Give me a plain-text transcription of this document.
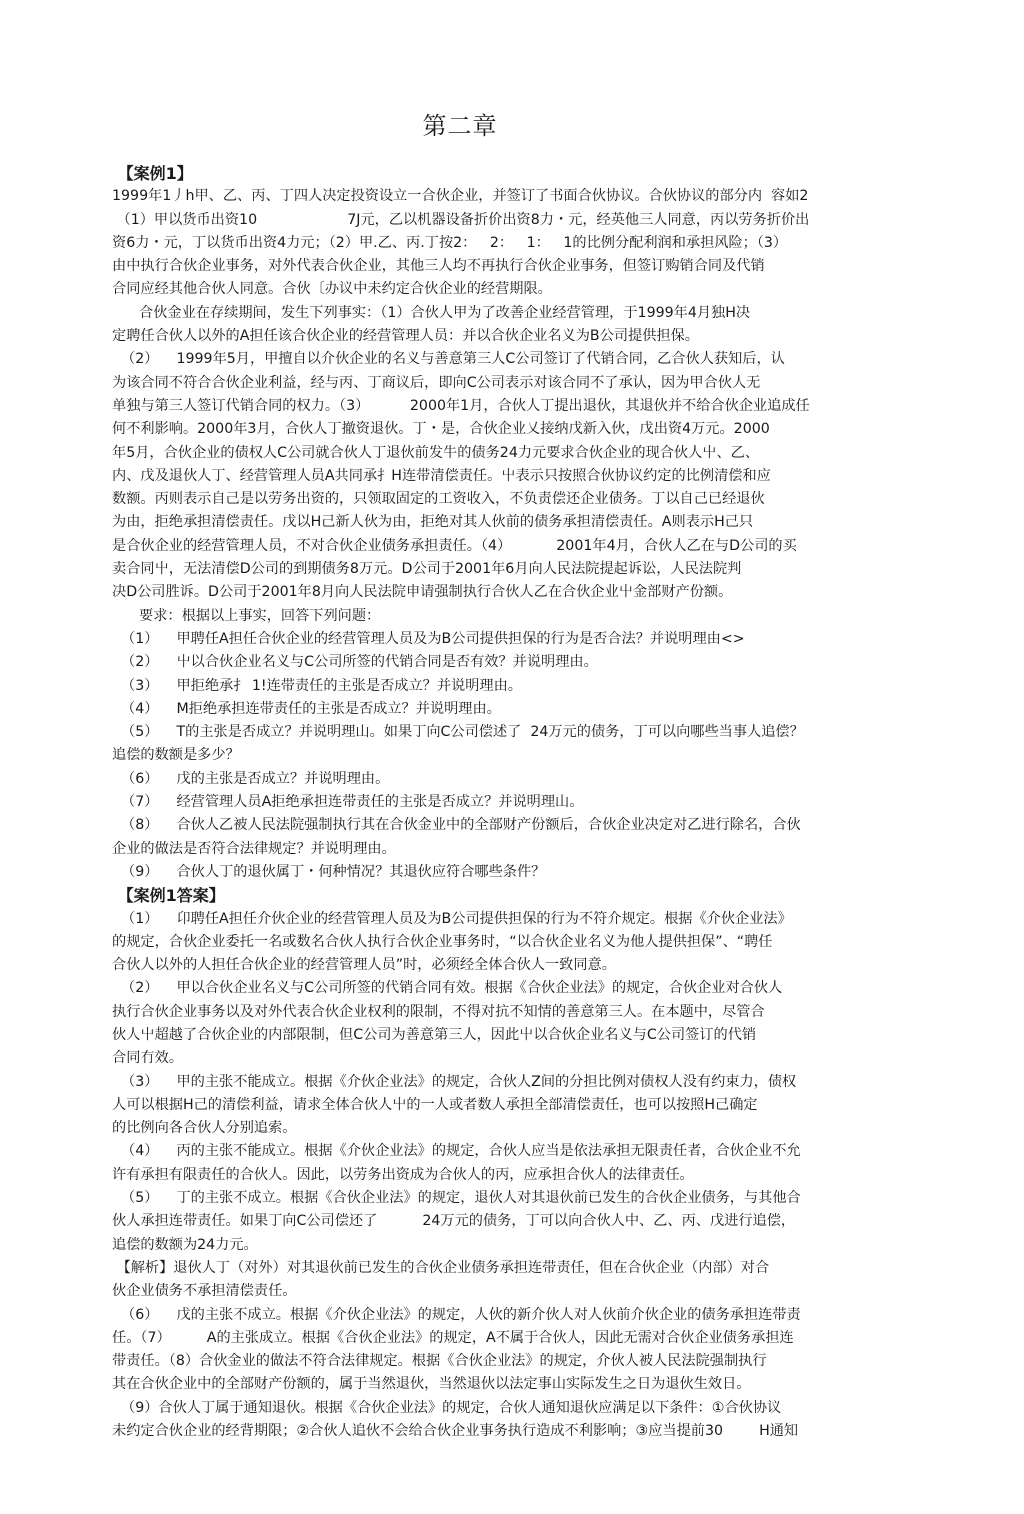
第二章
【案例1】
1999年1丿h甲、乙、丙、丁四人决定投资设立一合伙企业，并签订了书面合伙协议。合伙协议的部分内  容如2
（1）甲以货币出资10                    7J元，乙以机器设备折价出资8力・元，经英他三人同意，丙以劳务折价出
资6力・元，丁以货币出资4力元；（2）甲.乙、丙.丁按2：   2：   1：   1的比例分配利润和承担风险；（3）
由中执行合伙企业事务，对外代表合伙企业，其他三人均不再执行合伙企业事务，但签订购销合同及代销
合同应经其他合伙人同意。合伙〔办议中未约定合伙企业的经营期限。
合伙金业在存续期间，发生下列事实：（1）合伙人甲为了改善企业经营管理，于1999年4月独H决
定聘任合伙人以外的A担任该合伙企业的经营管理人员：并以合伙企业名义为B公司提供担保。
（2）    1999年5月，甲擅自以介伙企业的名义与善意第三人C公司签订了代销合同，乙合伙人获知后，认
为该合同不符合合伙企业利益，经与丙、丁商议后，即向C公司表示对该合同不了承认，因为甲合伙人无
单独与第三人签订代销合同的权力。（3）         2000年1月，合伙人丁提出退伙，其退伙并不给合伙企业追成任
何不利影响。2000年3月，合伙人丁撤资退伙。丁・是，合伙企业乂接纳戊新入伙，戊出资4万元。2000
年5月，合伙企业的债权人C公司就合伙人丁退伙前发牛的债务24力元要求合伙企业的现合伙人屮、乙、
内、戊及退伙人丁、经营管理人员A共同承扌H连带清偿责任。屮表示只按照合伙协议约定的比例清偿和应
数额。丙则表示自己是以劳务出资的，只领取固定的工资收入，不负责偿还企业债务。丁以自己已经退伙
为由，拒绝承担清偿责任。戊以H己新人伙为由，拒绝对其人伙前的债务承担清偿责任。A则表示H己只
是合伙企业的经营管理人员，不对合伙企业债务承担责任。（4）          2001年4月，合伙人乙在与D公司的买
卖合同屮，无法清偿D公司的到期债务8万元。D公司于2001年6月向人民法院提起诉讼，人民法院判
决D公司胜诉。D公司于2001年8月向人民法院申请强制执行合伙人乙在合伙企业屮金部财产份额。
要求：根据以上事实，回答下列问题：
（1）    甲聘任A担任合伙企业的经营管理人员及为B公司提供担保的行为是否合法？并说明理由<>
（2）    屮以合伙企业名义与C公司所签的代销合同是否有效？并说明理由。
（3）    甲拒绝承扌 1!连带责任的主张是否成立？并说明理由。
（4）    M拒绝承担连带责任的主张是否成立？并说明理由。
（5）    T的主张是否成立？并说明理山。如果丁向C公司偿述了  24万元的债务，丁可以向哪些当事人追偿？
追偿的数额是多少？
（6）    戊的主张是否成立？并说明理由。
（7）    经营管理人员A拒绝承担连带责任的主张是否成立？并说明理山。
（8）    合伙人乙被人民法院强制执行其在合伙金业中的全部财产份额后，合伙企业决定对乙进行除名，合伙
企业的做法是否符合法律规定？并说明理由。
（9）    合伙人丁的退伙属丁・何种情况？其退伙应符合哪些条件？
【案例1答案】
（1）    卬聘任A担任介伙企业的经营管理人员及为B公司提供担保的行为不符介规定。根据《介伙企业法》
的规定，合伙企业委托一名或数名合伙人执行合伙企业事务时，“以合伙企业名义为他人提供担保”、“聘任
合伙人以外的人担任合伙企业的经营管理人员”时，必须经全体合伙人一致同意。
（2）    甲以合伙企业名义与C公司所签的代销合同有效。根据《合伙企业法》的规定，合伙企业对合伙人
执行合伙企业事务以及对外代表合伙企业权利的限制，不得对抗不知情的善意第三人。在本题中，尽管合
伙人屮超越了合伙企业的内部限制，但C公司为善意第三人，因此屮以合伙企业名义与C公司签订的代销
合同冇效。
（3）    甲的主张不能成立。根据《介伙企业法》的规定，合伙人Z间的分担比例对债权人没有约束力，债权
人可以根据H己的清偿利益，请求全体合伙人屮的一人或者数人承担全部清偿责任，也可以按照H己确定
的比例向各合伙人分别追索。
（4）    丙的主张不能成立。根据《介伙企业法》的规定，合伙人应当是依法承担无限责任者，合伙企业不允
许有承担有限责任的合伙人。因此，以劳务出资成为合伙人的丙，应承担合伙人的法律责任。
（5）    丁的主张不成立。根据《合伙企业法》的规定，退伙人对其退伙前已发生的合伙企业债务，与其他合
伙人承担连带责任。如果丁向C公司偿还了          24万元的债务，丁可以向合伙人中、乙、丙、戊进行追偿，
追偿的数额为24力元。
【解析】退伙人丁（对外）对其退伙前已发生的合伙企业债务承担连带责任，但在合伙企业（内部）对合
伙企业债务不承担清偿责任。
（6）    戊的主张不成立。根据《介伙企业法》的规定，人伙的新介伙人对人伙前介伙企业的债务承担连带责
任。（7）        A的主张成立。根据《合伙企业法》的规定，A不属于合伙人，因此无需对合伙企业债务承担连
带责任。（8）合伙金业的做法不符合法律规定。根据《合伙企业法》的规定，介伙人被人民法院强制执行
其在合伙企业中的全部财产份额的，属于当然退伙，当然退伙以法定事山实际发生之日为退伙生效日。
（9）合伙人丁属于通知退伙。根据《合伙企业法》的规定，合伙人通知退伙应满足以下条件：①合伙协议
未约定合伙企业的经背期限；②合伙人追伙不会给合伙企业事务执行造成不利影响；③应当提前30        H通知
